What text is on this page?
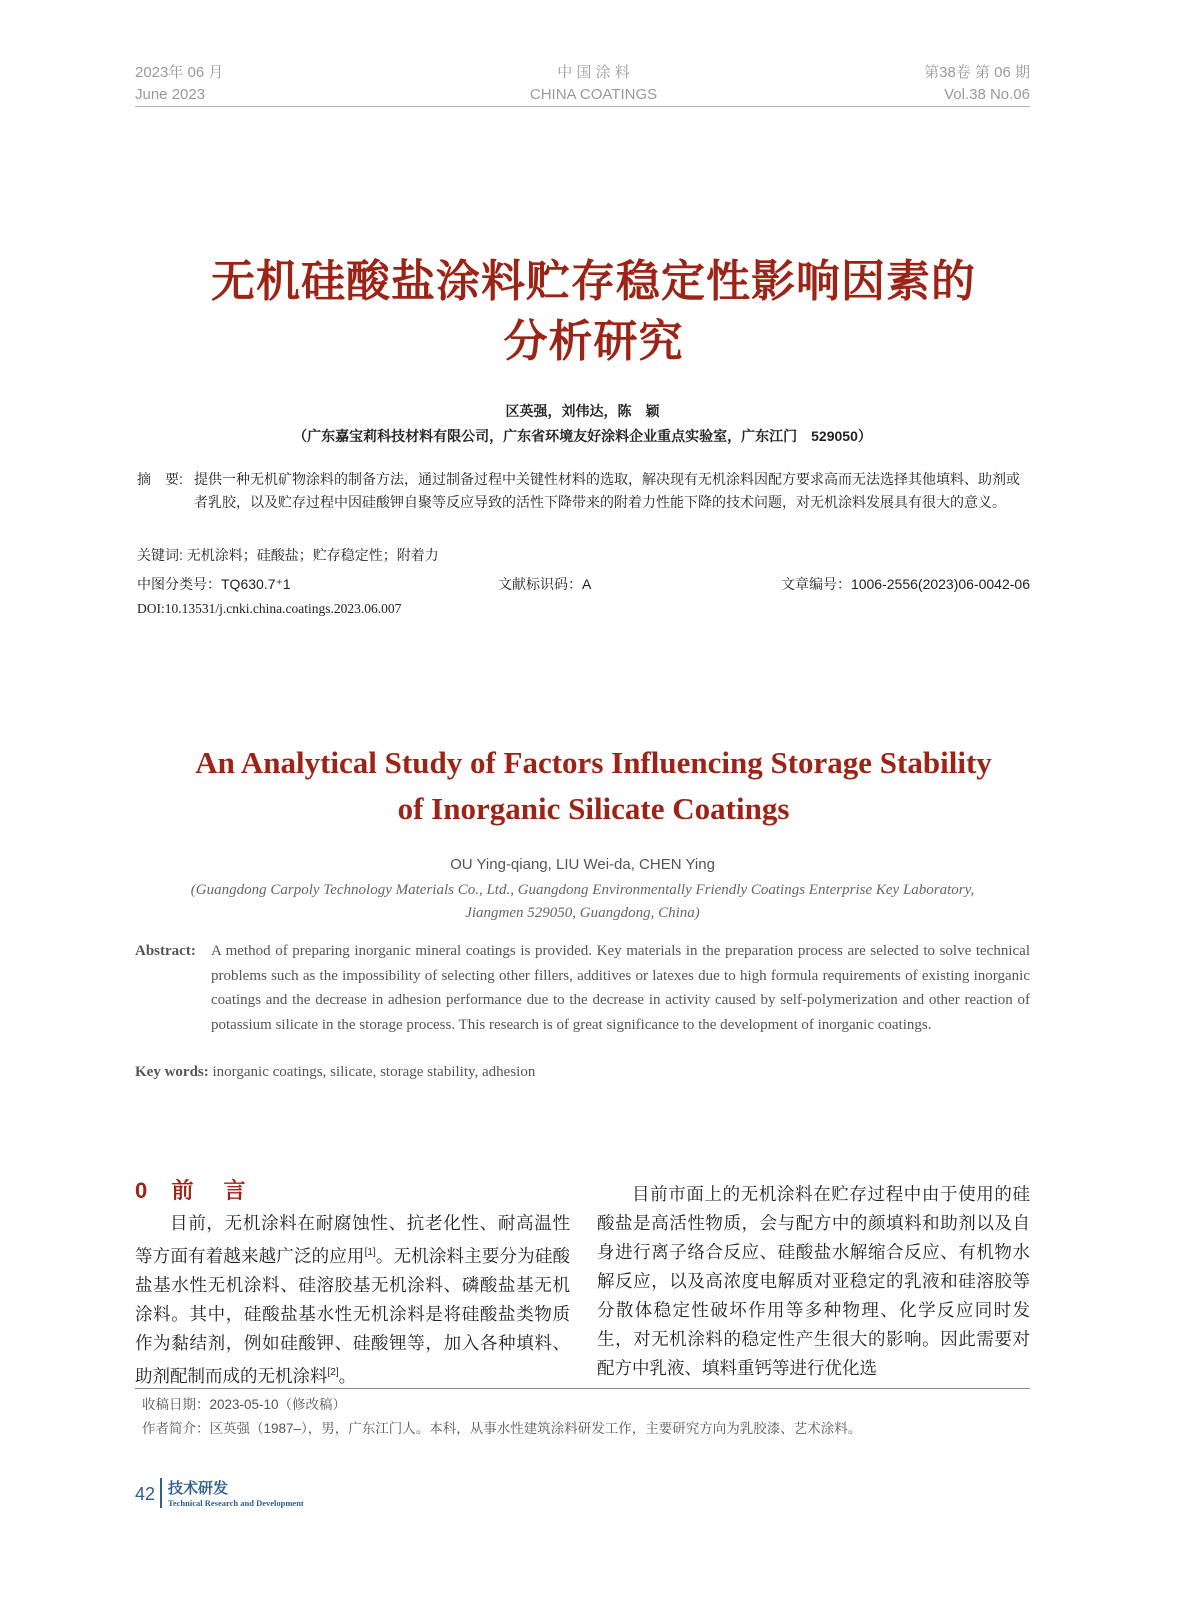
2023年 06 月
June 2023
中 国 涂 料
CHINA COATINGS
第38卷 第 06 期
Vol.38 No.06
无机硅酸盐涂料贮存稳定性影响因素的
分析研究
区英强，刘伟达，陈　颖
（广东嘉宝莉科技材料有限公司，广东省环境友好涂料企业重点实验室，广东江门　529050）
摘　要: 提供一种无机矿物涂料的制备方法，通过制备过程中关键性材料的选取，解决现有无机涂料因配方要求高而无法选择其他填料、助剂或者乳胶，以及贮存过程中因硅酸钾自聚等反应导致的活性下降带来的附着力性能下降的技术问题，对无机涂料发展具有很大的意义。
关键词: 无机涂料；硅酸盐；贮存稳定性；附着力
中图分类号：TQ630.7⁺1	文献标识码：A	文章编号：1006-2556(2023)06-0042-06
DOI:10.13531/j.cnki.china.coatings.2023.06.007
An Analytical Study of Factors Influencing Storage Stability
of Inorganic Silicate Coatings
OU Ying-qiang, LIU Wei-da, CHEN Ying
(Guangdong Carpoly Technology Materials Co., Ltd., Guangdong Environmentally Friendly Coatings Enterprise Key Laboratory,
Jiangmen 529050, Guangdong, China)
Abstract: A method of preparing inorganic mineral coatings is provided. Key materials in the preparation process are selected to solve technical problems such as the impossibility of selecting other fillers, additives or latexes due to high formula requirements of existing inorganic coatings and the decrease in adhesion performance due to the decrease in activity caused by self-polymerization and other reaction of potassium silicate in the storage process. This research is of great significance to the development of inorganic coatings.
Key words: inorganic coatings, silicate, storage stability, adhesion
0 前　言

目前，无机涂料在耐腐蚀性、抗老化性、耐高温性等方面有着越来越广泛的应用[1]。无机涂料主要分为硅酸盐基水性无机涂料、硅溶胶基无机涂料、磷酸盐基无机涂料。其中，硅酸盐基水性无机涂料是将硅酸盐类物质作为黏结剂，例如硅酸钾、硅酸锂等，加入各种填料、助剂配制而成的无机涂料[2]。

目前市面上的无机涂料在贮存过程中由于使用的硅酸盐是高活性物质，会与配方中的颜填料和助剂以及自身进行离子络合反应、硅酸盐水解缩合反应、有机物水解反应，以及高浓度电解质对亚稳定的乳液和硅溶胶等分散体稳定性破坏作用等多种物理、化学反应同时发生，对无机涂料的稳定性产生很大的影响。因此需要对配方中乳液、填料重钙等进行优化选

收稿日期：2023-05-10（修改稿）
作者简介：区英强（1987–），男，广东江门人。本科，从事水性建筑涂料研发工作，主要研究方向为乳胶漆、艺术涂料。
42 技术研发
Technical Research and Development
